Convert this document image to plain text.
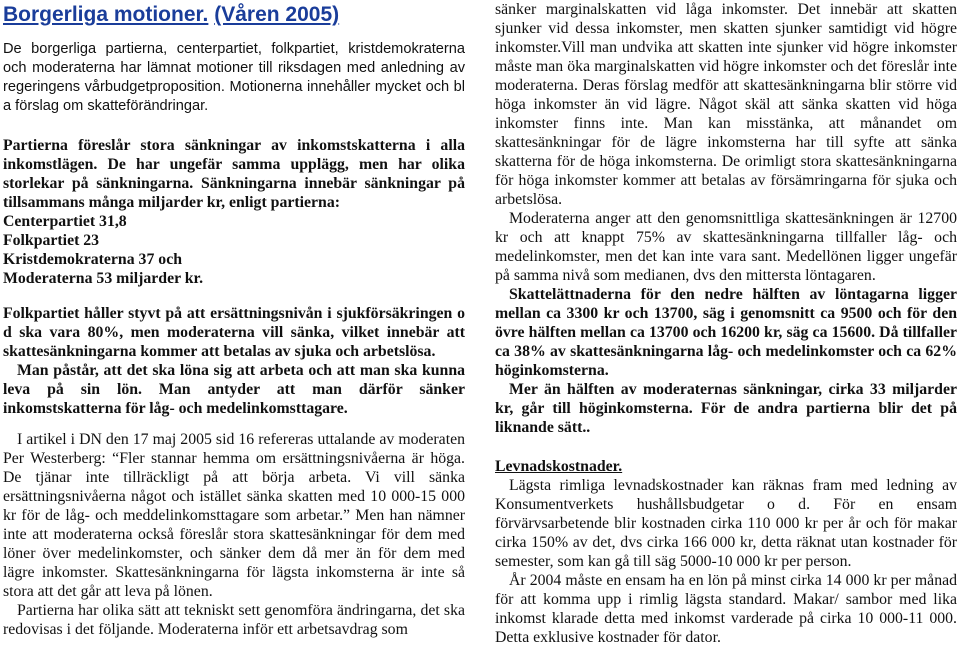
Borgerliga motioner. (Våren 2005)

De borgerliga partierna, centerpartiet, folkpartiet, kristdemokraterna och moderaterna har lämnat motioner till riksdagen med anledning av regeringens vårbudgetproposition. Motionerna innehåller mycket och bl a förslag om skatteförändringar.

Partierna föreslår stora sänkningar av inkomstskatterna i alla inkomstlägen. De har ungefär samma upplägg, men har olika storlekar på sänkningarna. Sänkningarna innebär sänkningar på tillsammans många miljarder kr, enligt partierna:

Centerpartiet 31,8
Folkpartiet 23
Kristdemokraterna 37 och
Moderaterna 53 miljarder kr.

Folkpartiet håller styvt på att ersättningsnivån i sjukförsäkringen o d ska vara 80%, men moderaterna vill sänka, vilket innebär att skattesänkningarna kommer att betalas av sjuka och arbetslösa.

Man påstår, att det ska löna sig att arbeta och att man ska kunna leva på sin lön. Man antyder att man därför sänker inkomstskatterna för låg- och medelinkomsttagare.

I artikel i DN den 17 maj 2005 sid 16 refereras uttalande av moderaten Per Westerberg: “Fler stannar hemma om ersättningsnivåerna är höga. De tjänar inte tillräckligt på att börja arbeta. Vi vill sänka ersättningsnivåerna något och istället sänka skatten med 10 000-15 000 kr för de låg- och meddelinkomsttagare som arbetar.” Men han nämner inte att moderaterna också föreslår stora skattesänkningar för dem med löner över medelinkomster, och sänker dem då mer än för dem med lägre inkomster. Skattesänkningarna för lägsta inkomsterna är inte så stora att det går att leva på lönen.

Partierna har olika sätt att tekniskt sett genomföra ändringarna, det ska redovisas i det följande. Moderaterna inför ett arbetsavdrag som

sänker marginalskatten vid låga inkomster. Det innebär att skatten sjunker vid dessa inkomster, men skatten sjunker samtidigt vid högre inkomster.Vill man undvika att skatten inte sjunker vid högre inkomster måste man öka marginalskatten vid högre inkomster och det föreslår inte moderaterna. Deras förslag medför att skattesänkningarna blir större vid höga inkomster än vid lägre. Något skäl att sänka skatten vid höga inkomster finns inte. Man kan misstänka, att månandet om skattesänkningar för de lägre inkomsterna har till syfte att sänka skatterna för de höga inkomsterna. De orimligt stora skattesänkningarna för höga inkomster kommer att betalas av försämringarna för sjuka och arbetslösa.

Moderaterna anger att den genomsnittliga skattesänkningen är 12700 kr och att knappt 75% av skattesänkningarna tillfaller låg- och medelinkomster, men det kan inte vara sant. Medellönen ligger ungefär på samma nivå som medianen, dvs den mittersta löntagaren.

Skattelättnaderna för den nedre hälften av löntagarna ligger mellan ca 3300 kr och 13700, säg i genomsnitt ca 9500 och för den övre hälften mellan ca 13700 och 16200 kr, säg ca 15600. Då tillfaller ca 38% av skattesänkningarna låg- och medelinkomster och ca 62% höginkomsterna.

Mer än hälften av moderaternas sänkningar, cirka 33 miljarder kr, går till höginkomsterna. För de andra partierna blir det på liknande sätt..

Levnadskostnader.

Lägsta rimliga levnadskostnader kan räknas fram med ledning av Konsumentverkets hushållsbudgetar o d. För en ensam förvärvsarbetende blir kostnaden cirka 110 000 kr per år och för makar cirka 150% av det, dvs cirka 166 000 kr, detta räknat utan kostnader för semester, som kan gå till säg 5000-10 000 kr per person.

År 2004 måste en ensam ha en lön på minst cirka 14 000 kr per månad för att komma upp i rimlig lägsta standard. Makar/ sambor med lika inkomst klarade detta med inkomst varderade på cirka 10 000-11 000. Detta exklusive kostnader för dator.
